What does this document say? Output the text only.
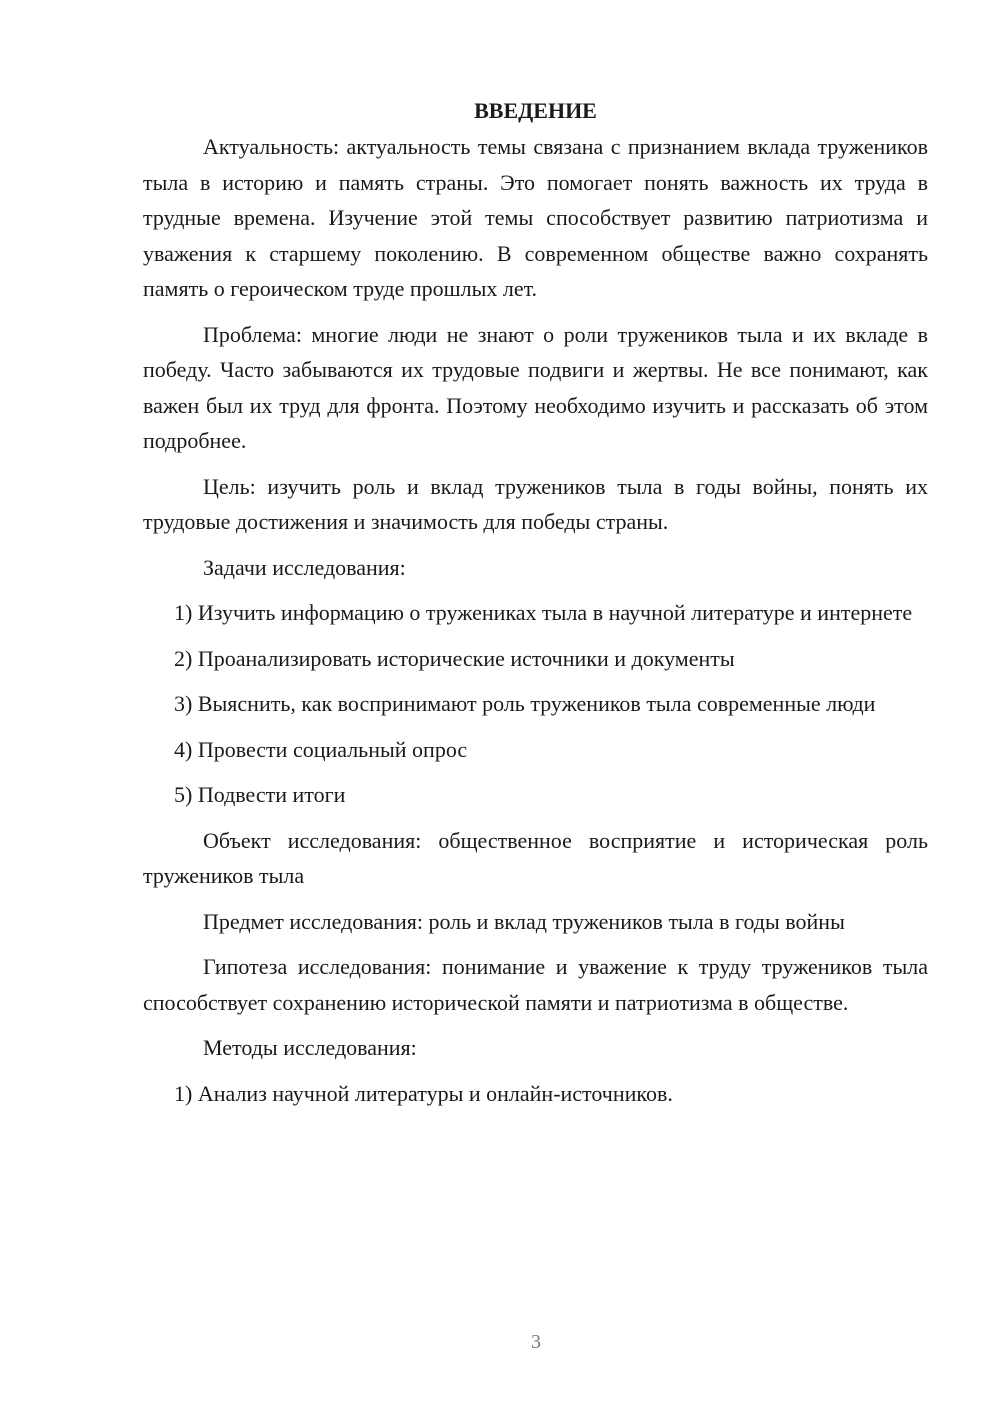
ВВЕДЕНИЕ

Актуальность: актуальность темы связана с признанием вклада тружеников тыла в историю и память страны. Это помогает понять важность их труда в трудные времена. Изучение этой темы способствует развитию патриотизма и уважения к старшему поколению. В современном обществе важно сохранять память о героическом труде прошлых лет.

Проблема: многие люди не знают о роли тружеников тыла и их вкладе в победу. Часто забываются их трудовые подвиги и жертвы. Не все понимают, как важен был их труд для фронта. Поэтому необходимо изучить и рассказать об этом подробнее.

Цель: изучить роль и вклад тружеников тыла в годы войны, понять их трудовые достижения и значимость для победы страны.

Задачи исследования:

1) Изучить информацию о тружениках тыла в научной литературе и интернете

2) Проанализировать исторические источники и документы

3) Выяснить, как воспринимают роль тружеников тыла современные люди

4) Провести социальный опрос

5) Подвести итоги

Объект исследования: общественное восприятие и историческая роль тружеников тыла

Предмет исследования: роль и вклад тружеников тыла в годы войны

Гипотеза исследования: понимание и уважение к труду тружеников тыла способствует сохранению исторической памяти и патриотизма в обществе.

Методы исследования:

1) Анализ научной литературы и онлайн-источников.

3
